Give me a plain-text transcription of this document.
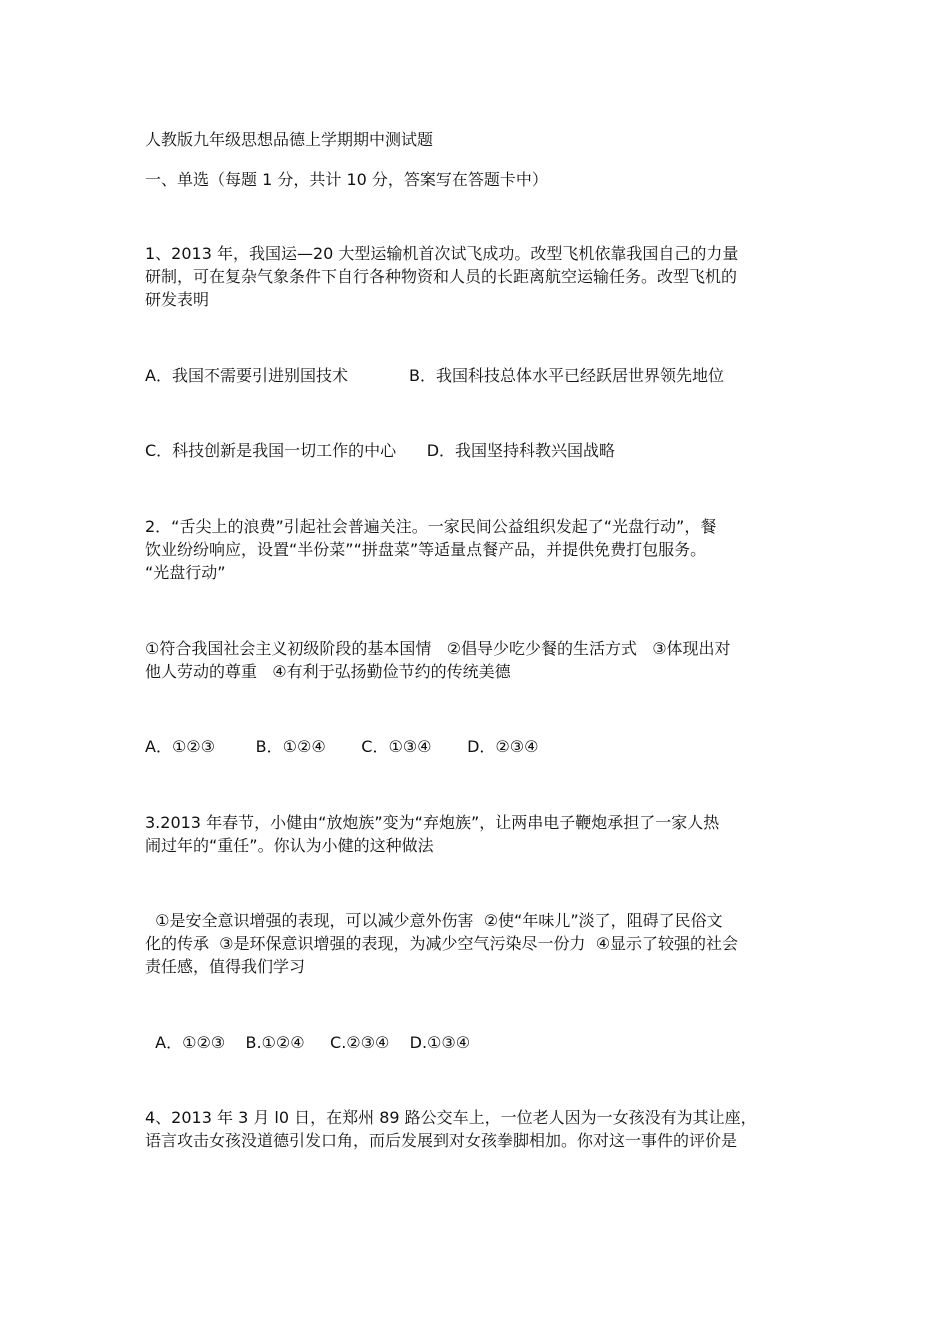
人教版九年级思想品德上学期期中测试题

一、单选（每题 1 分，共计 10 分，答案写在答题卡中）

1、2013 年，我国运—20 大型运输机首次试飞成功。改型飞机依靠我国自己的力量

研制，可在复杂气象条件下自行各种物资和人员的长距离航空运输任务。改型飞机的

研发表明

A．我国不需要引进别国技术            B．我国科技总体水平已经跃居世界领先地位

C．科技创新是我国一切工作的中心      D．我国坚持科教兴国战略

2．“舌尖上的浪费”引起社会普遍关注。一家民间公益组织发起了“光盘行动”，餐

饮业纷纷响应，设置“半份菜”“拼盘菜”等适量点餐产品，并提供免费打包服务。

“光盘行动”

①符合我国社会主义初级阶段的基本国情   ②倡导少吃少餐的生活方式   ③体现出对

他人劳动的尊重   ④有利于弘扬勤俭节约的传统美德

A．①②③        B．①②④       C．①③④       D．②③④

3.2013 年春节，小健由“放炮族”变为“弃炮族”，让两串电子鞭炮承担了一家人热

闹过年的“重任”。你认为小健的这种做法

①是安全意识增强的表现，可以减少意外伤害  ②使“年味儿”淡了，阻碍了民俗文

化的传承  ③是环保意识增强的表现，为减少空气污染尽一份力  ④显示了较强的社会

责任感，值得我们学习

A．①②③    B.①②④     C.②③④    D.①③④

4、2013 年 3 月 l0 日，在郑州 89 路公交车上，一位老人因为一女孩没有为其让座，

语言攻击女孩没道德引发口角，而后发展到对女孩拳脚相加。你对这一事件的评价是
